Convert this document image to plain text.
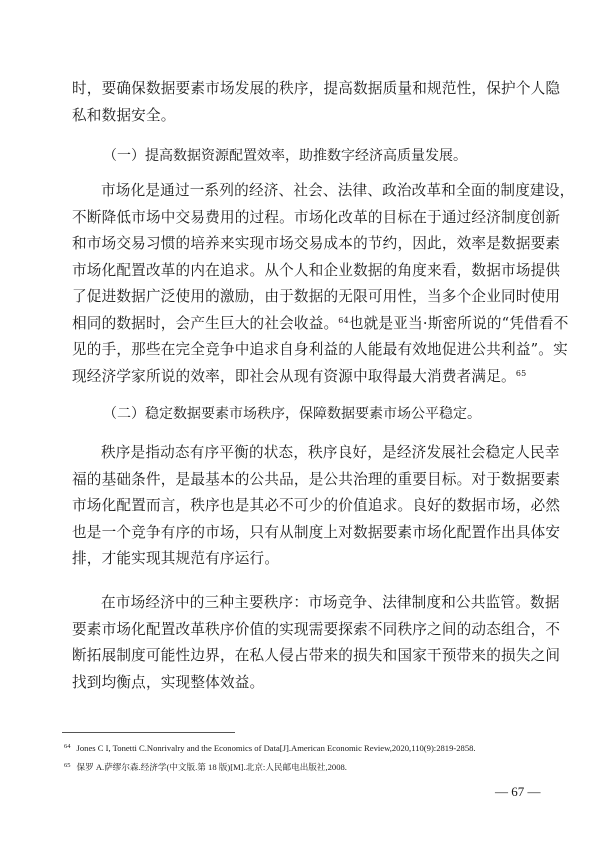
时，要确保数据要素市场发展的秩序，提高数据质量和规范性，保护个人隐
私和数据安全。

（一）提高数据资源配置效率，助推数字经济高质量发展。

市场化是通过一系列的经济、社会、法律、政治改革和全面的制度建设，
不断降低市场中交易费用的过程。市场化改革的目标在于通过经济制度创新
和市场交易习惯的培养来实现市场交易成本的节约，因此，效率是数据要素
市场化配置改革的内在追求。从个人和企业数据的角度来看，数据市场提供
了促进数据广泛使用的激励，由于数据的无限可用性，当多个企业同时使用
相同的数据时，会产生巨大的社会收益。$^{64}$也就是亚当·斯密所说的“凭借看不
见的手，那些在完全竞争中追求自身利益的人能最有效地促进公共利益”。实
现经济学家所说的效率，即社会从现有资源中取得最大消费者满足。$^{65}$

（二）稳定数据要素市场秩序，保障数据要素市场公平稳定。

秩序是指动态有序平衡的状态，秩序良好，是经济发展社会稳定人民幸
福的基础条件，是最基本的公共品，是公共治理的重要目标。对于数据要素
市场化配置而言，秩序也是其必不可少的价值追求。良好的数据市场，必然
也是一个竞争有序的市场，只有从制度上对数据要素市场化配置作出具体安
排，才能实现其规范有序运行。
在市场经济中的三种主要秩序：市场竞争、法律制度和公共监管。数据
要素市场化配置改革秩序价值的实现需要探索不同秩序之间的动态组合，不
断拓展制度可能性边界，在私人侵占带来的损失和国家干预带来的损失之间
找到均衡点，实现整体效益。
$^{64}$ Jones C I, Tonetti C.Nonrivalry and the Economics of Data[J].American Economic Review,2020,110(9):2819-2858.
$^{65}$ 保罗 A.萨缪尔森.经济学(中文版.第 18 版)[M].北京:人民邮电出版社,2008.
— 67 —
